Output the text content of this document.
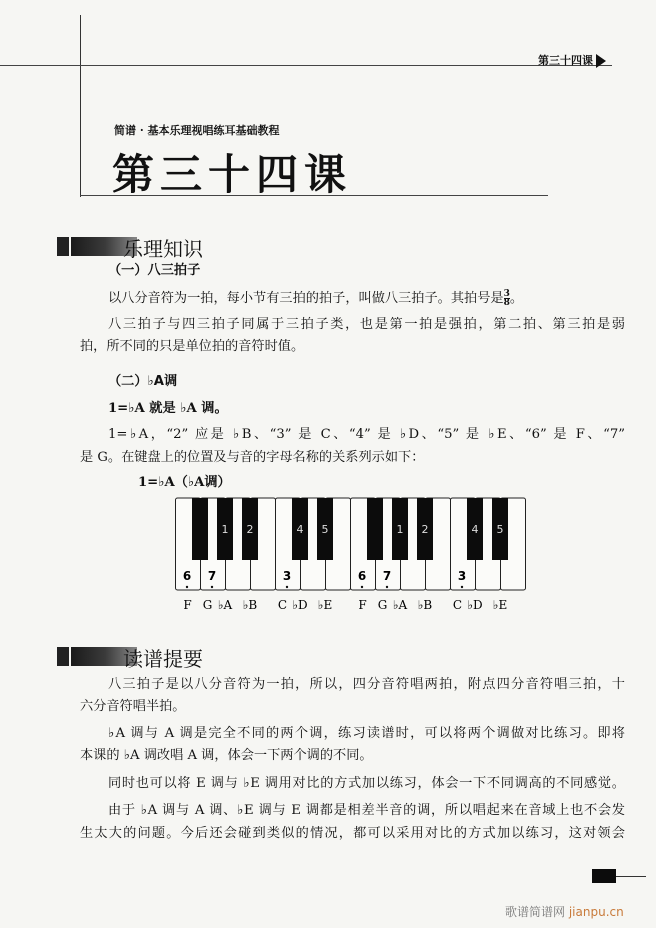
第三十四课
简谱 · 基本乐理视唱练耳基础教程
第三十四课
乐理知识
（一）八三拍子
以八分音符为一拍，每小节有三拍的拍子，叫做八三拍子。其拍号是 $\frac{3}{8}$ 。
八三拍子与四三拍子同属于三拍子类，也是第一拍是强拍，第二拍、第三拍是弱
拍，所不同的只是单位拍的音符时值。
（二）♭A调
1=♭A 就是 ♭A 调。
1=♭A，“2” 应是 ♭B、“3” 是 C、“4” 是 ♭D、“5” 是 ♭E、“6” 是 F、“7”
是 G。在键盘上的位置及与音的字母名称的关系列示如下：
1=♭A（♭A调）
6 7	3	6 7	3
1 2	4 5	1 2	4 5
F G ♭A ♭B C ♭D ♭E F G ♭A ♭B C ♭D ♭E
读谱提要
八三拍子是以八分音符为一拍，所以，四分音符唱两拍，附点四分音符唱三拍，十
六分音符唱半拍。
♭A 调与 A 调是完全不同的两个调，练习读谱时，可以将两个调做对比练习。即将
本课的 ♭A 调改唱 A 调，体会一下两个调的不同。
同时也可以将 E 调与 ♭E 调用对比的方式加以练习，体会一下不同调高的不同感觉。
由于 ♭A 调与 A 调、♭E 调与 E 调都是相差半音的调，所以唱起来在音域上也不会发
生太大的问题。今后还会碰到类似的情况，都可以采用对比的方式加以练习，这对领会
歌谱简谱网 jianpu.cn
